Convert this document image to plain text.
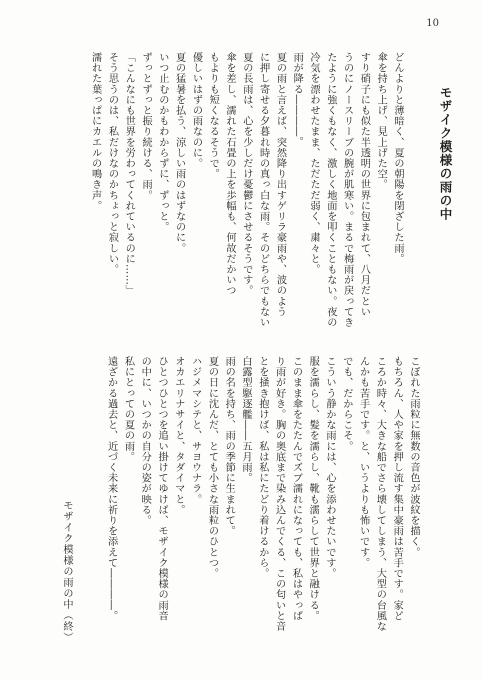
10
モザイク模様の雨の中

どんよりと薄暗く、夏の朝陽を閉ざした雨。

傘を持ち上げ、見上げた空。

すり硝子にも似た半透明の世界に包まれて、八月だとい

うのにノースリーブの腕が肌寒い。まるで梅雨が戻ってき

たように強くもなく、激しく地面を叩くこともない。夜の

冷気を漂わせたまま、ただただ弱く、粛々と。

雨が降る――――。

夏の雨と言えば、突然降り出すゲリラ豪雨や、波のよう

に押し寄せる夕暮れ時の真っ白な雨。そのどちらでもない

夏の長雨は、心を少しだけ憂鬱にさせるそうです。

傘を差し、濡れた石畳の上を歩幅も、何故だかいつ

もよりも短くなるそうで。

優しいはずの雨なのに。

夏の猛暑を払う、涼しい雨のはずなのに。

いつ止むのかもわからずに、ずっと。

ずっとずっと振り続ける、雨。

「こんなにも世界を労わってくれているのに……」

そう思うのは、私だけなのかちょっと寂しい。

濡れた葉っぱにカエルの鳴き声。

こぼれた雨粒に無数の音色が波紋を描く。

もちろん、人や家を押し流す集中豪雨は苦手です。家ど

ころか時々、大きな船でさら壊してしまう、大型の台風な

んかも苦手です。と、いうよりも怖いです。

でも、だからこそ。

こういう静かな雨には、心を添わせたいです。

服を濡らし、髪を濡らし、靴も濡らして世界と融ける。

このまま傘をたたんでズブ濡れになっても、私はやっぱ

り雨が好き。胸の奥底まで染み込んでくる、この匂いと音

とを掻き抱けば、私は私にたどり着けるから。

白露型駆逐艦――五月雨。

雨の名を持ち、雨の季節に生まれて。

夏の日に沈んだ、とても小さな雨粒のひとつ。

ハジメマシテと、サヨウナラ。

オカエリナサイと、タダイマと。

ひとつひとつを追い掛けてゆけば、モザイク模様の雨音

の中に、いつかの自分の姿が映る。

私にとっての夏の雨。

遠ざかる過去と、近づく未来に祈りを添えて――――。

モザイク模様の雨の中（終）
